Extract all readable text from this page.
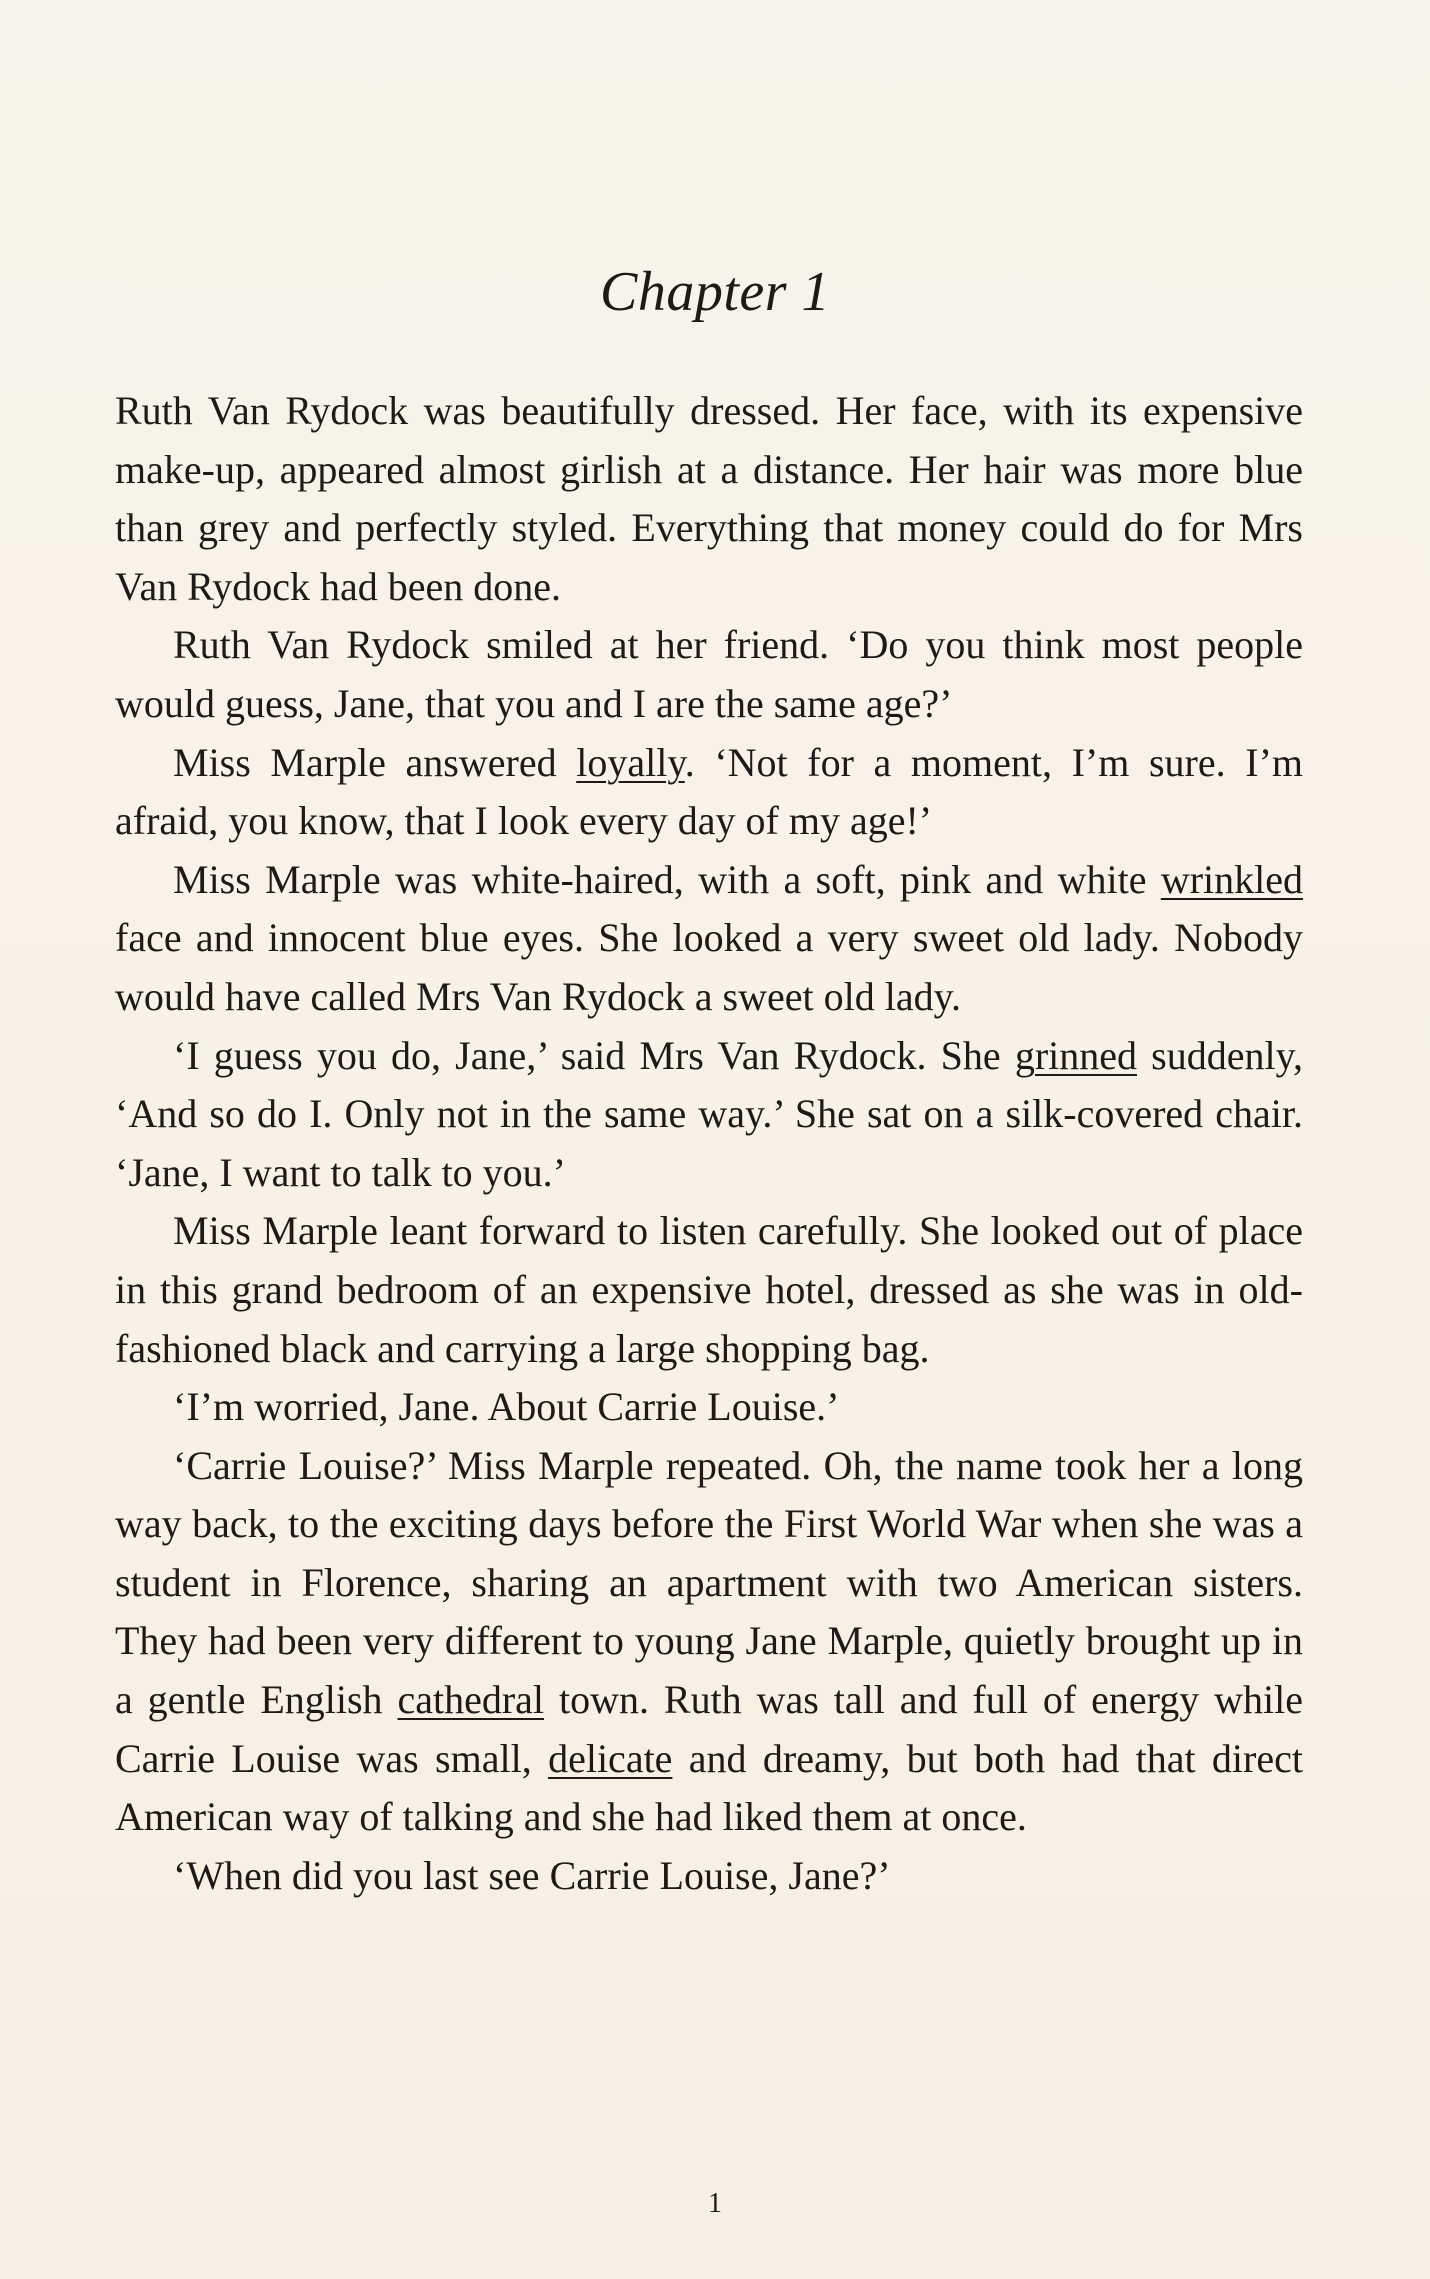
Chapter 1

Ruth Van Rydock was beautifully dressed. Her face, with its expensive make-up, appeared almost girlish at a distance. Her hair was more blue than grey and perfectly styled. Everything that money could do for Mrs Van Rydock had been done.

Ruth Van Rydock smiled at her friend. ‘Do you think most people would guess, Jane, that you and I are the same age?’

Miss Marple answered loyally. ‘Not for a moment, I’m sure. I’m afraid, you know, that I look every day of my age!’

Miss Marple was white-haired, with a soft, pink and white wrinkled face and innocent blue eyes. She looked a very sweet old lady. Nobody would have called Mrs Van Rydock a sweet old lady.

‘I guess you do, Jane,’ said Mrs Van Rydock. She grinned suddenly, ‘And so do I. Only not in the same way.’ She sat on a silk-covered chair. ‘Jane, I want to talk to you.’

Miss Marple leant forward to listen carefully. She looked out of place in this grand bedroom of an expensive hotel, dressed as she was in old-fashioned black and carrying a large shopping bag.

‘I’m worried, Jane. About Carrie Louise.’

‘Carrie Louise?’ Miss Marple repeated. Oh, the name took her a long way back, to the exciting days before the First World War when she was a student in Florence, sharing an apartment with two American sisters. They had been very different to young Jane Marple, quietly brought up in a gentle English cathedral town. Ruth was tall and full of energy while Carrie Louise was small, delicate and dreamy, but both had that direct American way of talking and she had liked them at once.

‘When did you last see Carrie Louise, Jane?’

1
